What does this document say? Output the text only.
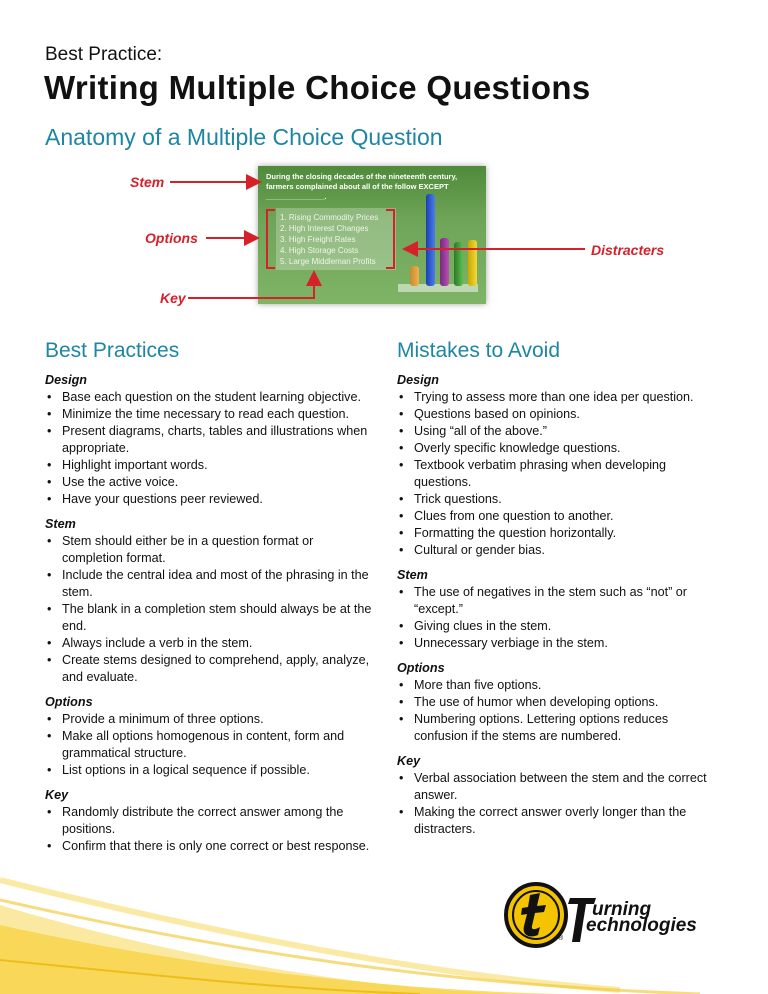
Best Practice:
Writing Multiple Choice Questions
Anatomy of a Multiple Choice Question
During the closing decades of the nineteenth century, farmers complained about all of the follow EXCEPT ______________.
1. Rising Commodity Prices
2. High Interest Changes
3. High Freight Rates
4. High Storage Costs
5. Large Middleman Profits
Stem
Options
Key
Distracters
Best Practices
Design
• Base each question on the student learning objective.
• Minimize the time necessary to read each question.
• Present diagrams, charts, tables and illustrations when appropriate.
• Highlight important words.
• Use the active voice.
• Have your questions peer reviewed.
Stem
• Stem should either be in a question format or completion format.
• Include the central idea and most of the phrasing in the stem.
• The blank in a completion stem should always be at the end.
• Always include a verb in the stem.
• Create stems designed to comprehend, apply, analyze, and evaluate.
Options
• Provide a minimum of three options.
• Make all options homogenous in content, form and grammatical structure.
• List options in a logical sequence if possible.
Key
• Randomly distribute the correct answer among the positions.
• Confirm that there is only one correct or best response.
Mistakes to Avoid
Design
• Trying to assess more than one idea per question.
• Questions based on opinions.
• Using “all of the above.”
• Overly specific knowledge questions.
• Textbook verbatim phrasing when developing questions.
• Trick questions.
• Clues from one question to another.
• Formatting the question horizontally.
• Cultural or gender bias.
Stem
• The use of negatives in the stem such as “not” or “except.”
• Giving clues in the stem.
• Unnecessary verbiage in the stem.
Options
• More than five options.
• The use of humor when developing options.
• Numbering options. Lettering options reduces confusion if the stems are numbered.
Key
• Verbal association between the stem and the correct answer.
• Making the correct answer overly longer than the distracters.
®
urning
echnologies
